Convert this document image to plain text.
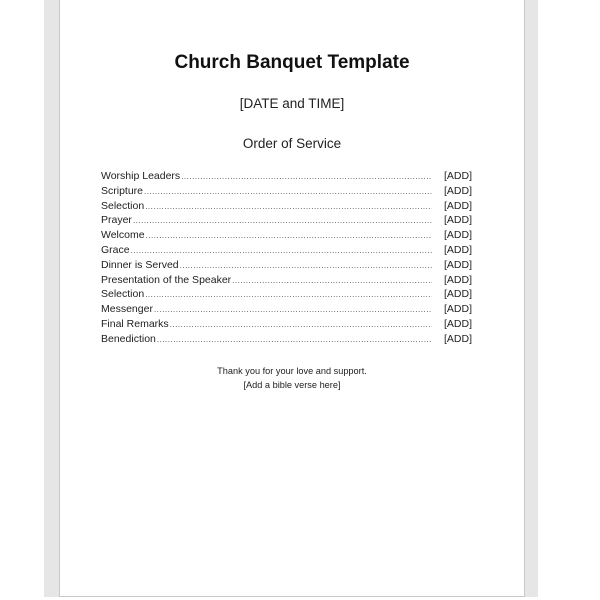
Church Banquet Template
[DATE and TIME]
Order of Service
Worship Leaders .....	[ADD]
Scripture .....	[ADD]
Selection .....	[ADD]
Prayer .....	[ADD]
Welcome .....	[ADD]
Grace .....	[ADD]
Dinner is Served .....	[ADD]
Presentation of the Speaker .....	[ADD]
Selection .....	[ADD]
Messenger .....	[ADD]
Final Remarks .....	[ADD]
Benediction .....	[ADD]
Thank you for your love and support.
[Add a bible verse here]
